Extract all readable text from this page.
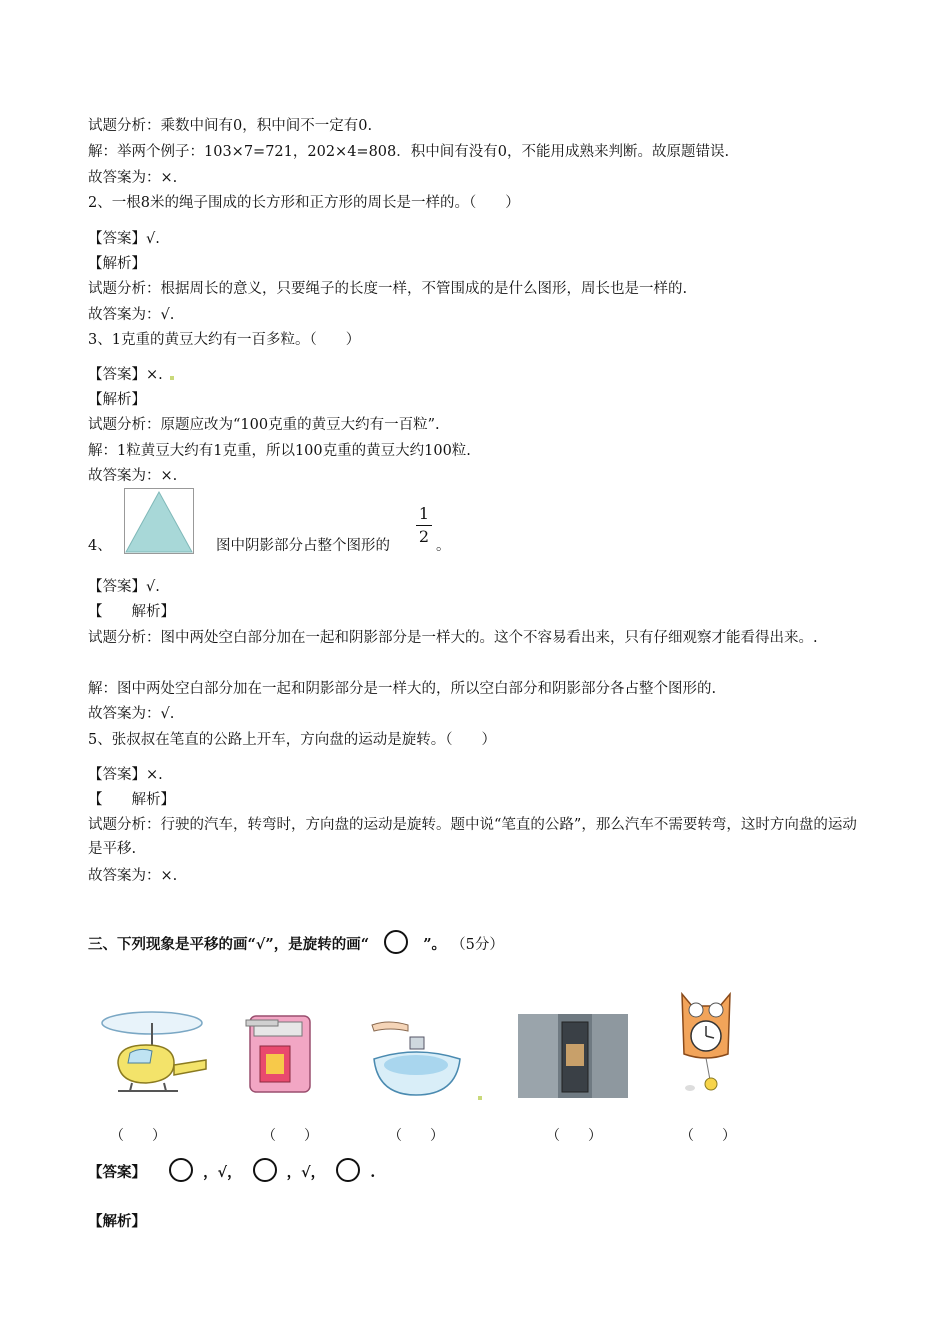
试题分析：乘数中间有0，积中间不一定有0.
解：举两个例子：103×7=721，202×4=808．积中间有没有0，不能用成熟来判断。故原题错误.
故答案为：×.
2、一根8米的绳子围成的长方形和正方形的周长是一样的。（　　）
【答案】√.
【解析】
试题分析：根据周长的意义，只要绳子的长度一样，不管围成的是什么图形，周长也是一样的.
故答案为：√.
3、1克重的黄豆大约有一百多粒。（　　）
【答案】×.
【解析】
试题分析：原题应改为“100克重的黄豆大约有一百粒”.
解：1粒黄豆大约有1克重，所以100克重的黄豆大约100粒.
故答案为：×.
4、	图中阴影部分占整个图形的
1
2 。
【答案】√.
【　　解析】
试题分析：图中两处空白部分加在一起和阴影部分是一样大的。这个不容易看出来，只有仔细观察才能看得出来。.
解：图中两处空白部分加在一起和阴影部分是一样大的，所以空白部分和阴影部分各占整个图形的.
故答案为：√.
5、张叔叔在笔直的公路上开车，方向盘的运动是旋转。（　　）
【答案】×.
【　　解析】
试题分析：行驶的汽车，转弯时，方向盘的运动是旋转。题中说“笔直的公路”，那么汽车不需要转弯，这时方向盘的运动是平移.
故答案为：×.
三、下列现象是平移的画“√”，是旋转的画“	”。 （5分）
（　　）	（　　）	（　　）	（　　）	（　　）
【答案】	，√，	，√，	.
【解析】
